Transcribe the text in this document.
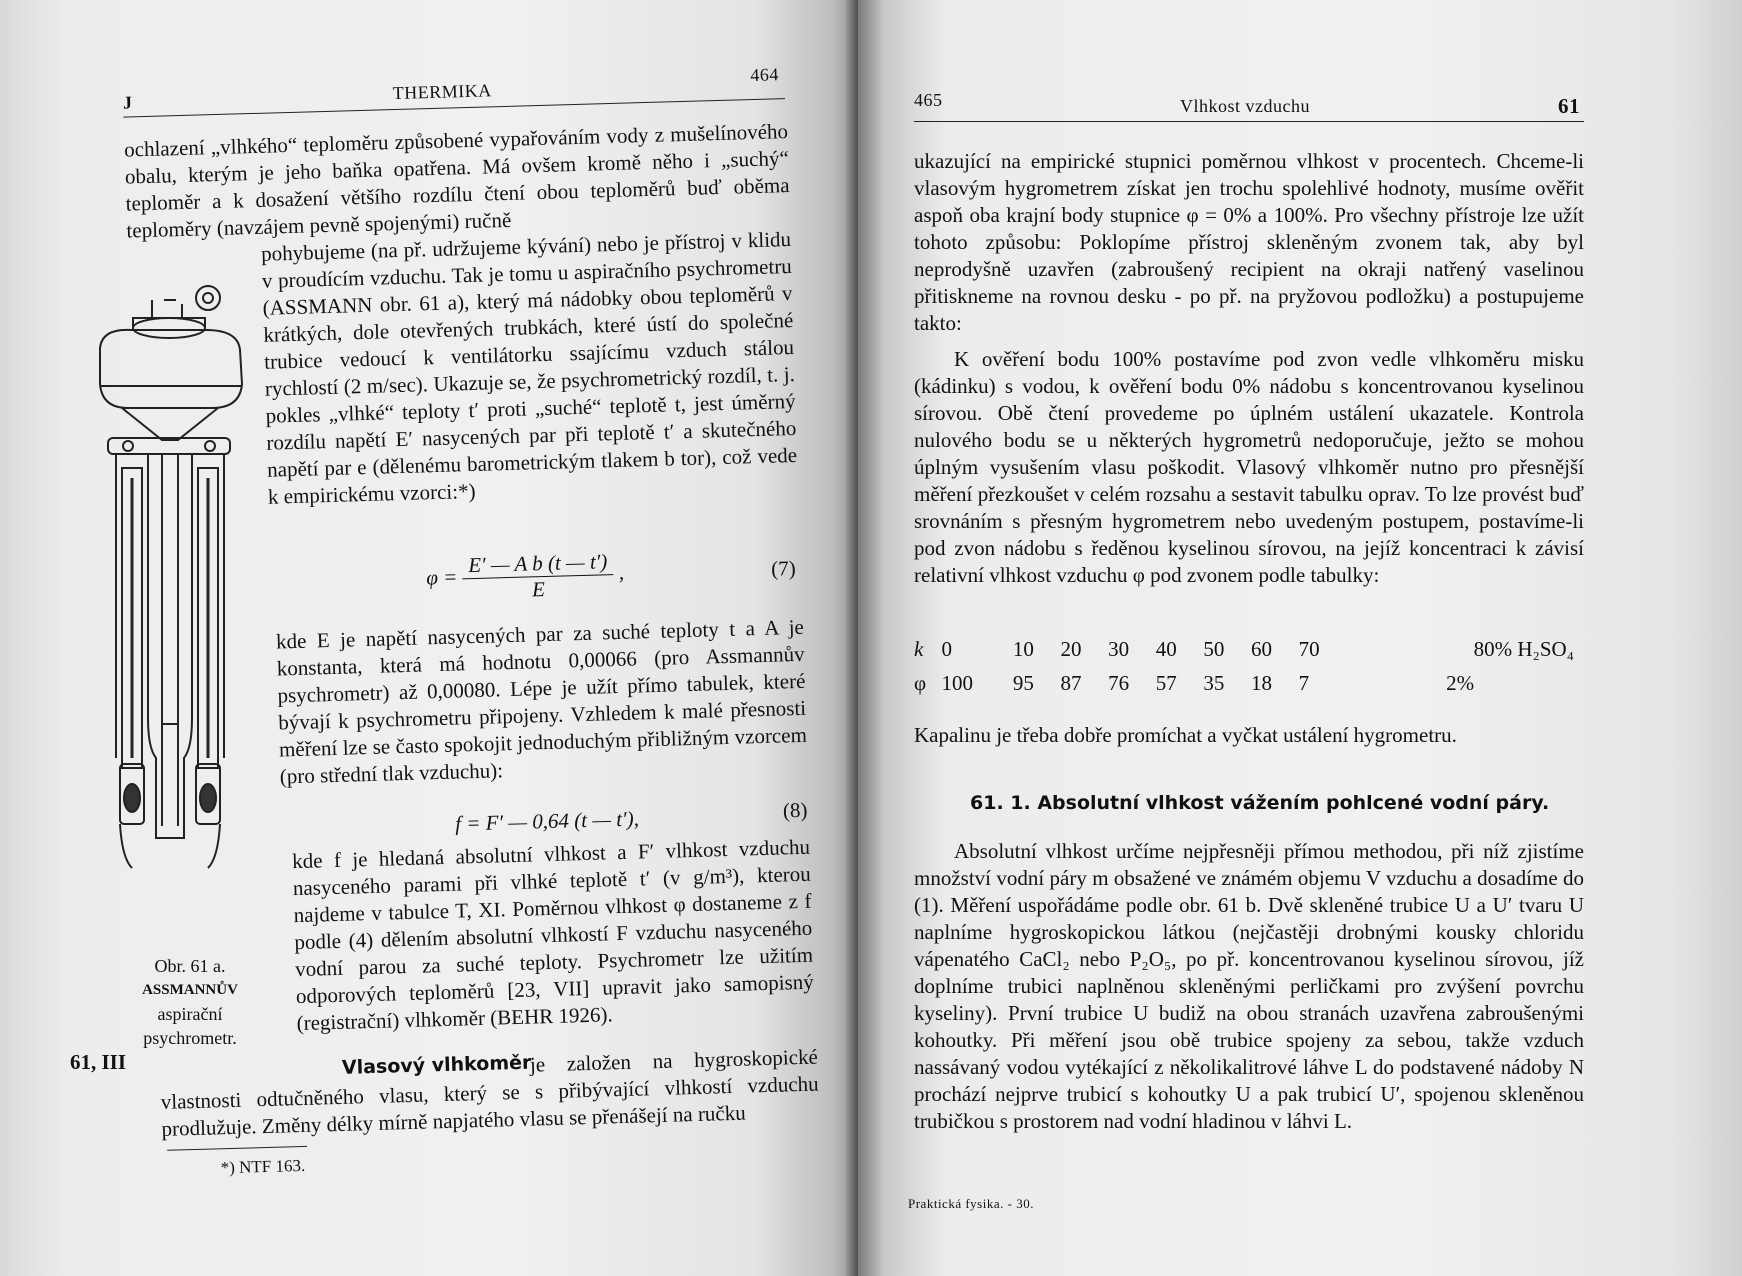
J	THERMIKA
464

ochlazení „vlhkého“ teploměru způsobené vypařováním vody z mušelínového obalu, kterým je jeho baňka opatřena. Má ovšem kromě něho i „suchý“ teploměr a k dosažení většího rozdílu čtení obou teploměrů buď oběma teploměry (navzájem pevně spojenými) ručně

pohybujeme (na př. udržujeme kývání) nebo je přístroj v klidu v proudícím vzduchu. Tak je tomu u aspiračního psychrometru (ASSMANN obr. 61 a), který má nádobky obou teploměrů v krátkých, dole otevřených trubkách, které ústí do společné trubice vedoucí k ventilátorku ssajícímu vzduch stálou rychlostí (2 m/sec). Ukazuje se, že psychrometrický rozdíl, t. j. pokles „vlhké“ teploty t′ proti „suché“ teplotě t, jest úměrný rozdílu napětí E′ nasycených par při teplotě t′ a skutečného napětí par e (dělenému barometrickým tlakem b tor), což vede k empirickému vzorci:*)

$\varphi = \frac{\text{E′ — A b (t — t′)}}{E}$ ,	(7)

kde E je napětí nasycených par za suché teploty t a A je konstanta, která má hodnotu 0,00066 (pro Assmannův psychrometr) až 0,00080. Lépe je užít přímo tabulek, které bývají k psychrometru připojeny. Vzhledem k malé přesnosti měření lze se často spokojit jednoduchým přibližným vzorcem (pro střední tlak vzduchu):

f = F′ — 0,64 (t — t′),	(8)

kde f je hledaná absolutní vlhkost a F′ vlhkost vzduchu nasyceného parami při vlhké teplotě t′ (v g/m³), kterou najdeme v tabulce T, XI. Poměrnou vlhkost φ dostaneme z f podle (4) dělením absolutní vlhkostí F vzduchu nasyceného vodní parou za suché teploty. Psychrometr lze užitím odporových teploměrů [23, VII] upravit jako samopisný (registrační) vlhkoměr (BEHR 1926).

Vlasový vlhkoměr

je založen na hygroskopické vlastnosti odtučněného vlasu, který se s přibývající vlhkostí vzduchu prodlužuje. Změny délky mírně napjatého vlasu se přenášejí na ručku

*) NTF 163.
Obr. 61 a.
ASSMANNŮV
aspirační
psychrometr.
61, III
465	Vlhkost vzduchu	61

ukazující na empirické stupnici poměrnou vlhkost v procentech. Chceme-li vlasovým hygrometrem získat jen trochu spolehlivé hodnoty, musíme ověřit aspoň oba krajní body stupnice φ = 0% a 100%. Pro všechny přístroje lze užít tohoto způsobu: Poklopíme přístroj skleněným zvonem tak, aby byl neprodyšně uzavřen (zabroušený recipient na okraji natřený vaselinou přitiskneme na rovnou desku - po př. na pryžovou podložku) a postupujeme takto:

K ověření bodu 100% postavíme pod zvon vedle vlhkoměru misku (kádinku) s vodou, k ověření bodu 0% nádobu s koncentrovanou kyselinou sírovou. Obě čtení provedeme po úplném ustálení ukazatele. Kontrola nulového bodu se u některých hygrometrů nedoporučuje, ježto se mohou úplným vysušením vlasu poškodit. Vlasový vlhkoměr nutno pro přesnější měření přezkoušet v celém rozsahu a sestavit tabulku oprav. To lze provést buď srovnáním s přesným hygrometrem nebo uvedeným postupem, postavíme-li pod zvon nádobu s ředěnou kyselinou sírovou, na jejíž koncentraci k závisí relativní vlhkost vzduchu φ pod zvonem podle tabulky:

k	0	10	20	30	40	50	60	70	80% H₂SO₄
φ	100	95	87	76	57	35	18	7	2%

Kapalinu je třeba dobře promíchat a vyčkat ustálení hygrometru.

61. 1. Absolutní vlhkost vážením pohlcené vodní páry.

Absolutní vlhkost určíme nejpřesněji přímou methodou, při níž zjistíme množství vodní páry m obsažené ve známém objemu V vzduchu a dosadíme do (1). Měření uspořádáme podle obr. 61 b. Dvě skleněné trubice U a U′ tvaru U naplníme hygroskopickou látkou (nejčastěji drobnými kousky chloridu vápenatého CaCl₂ nebo P₂O₅, po př. koncentrovanou kyselinou sírovou, jíž doplníme trubici naplněnou skleněnými perličkami pro zvýšení povrchu kyseliny). První trubice U budiž na obou stranách uzavřena zabroušenými kohoutky. Při měření jsou obě trubice spojeny za sebou, takže vzduch nassávaný vodou vytékající z několikalitrové láhve L do podstavené nádoby N prochází nejprve trubicí s kohoutky U a pak trubicí U′, spojenou skleněnou trubičkou s prostorem nad vodní hladinou v láhvi L.

Praktická fysika. - 30.
